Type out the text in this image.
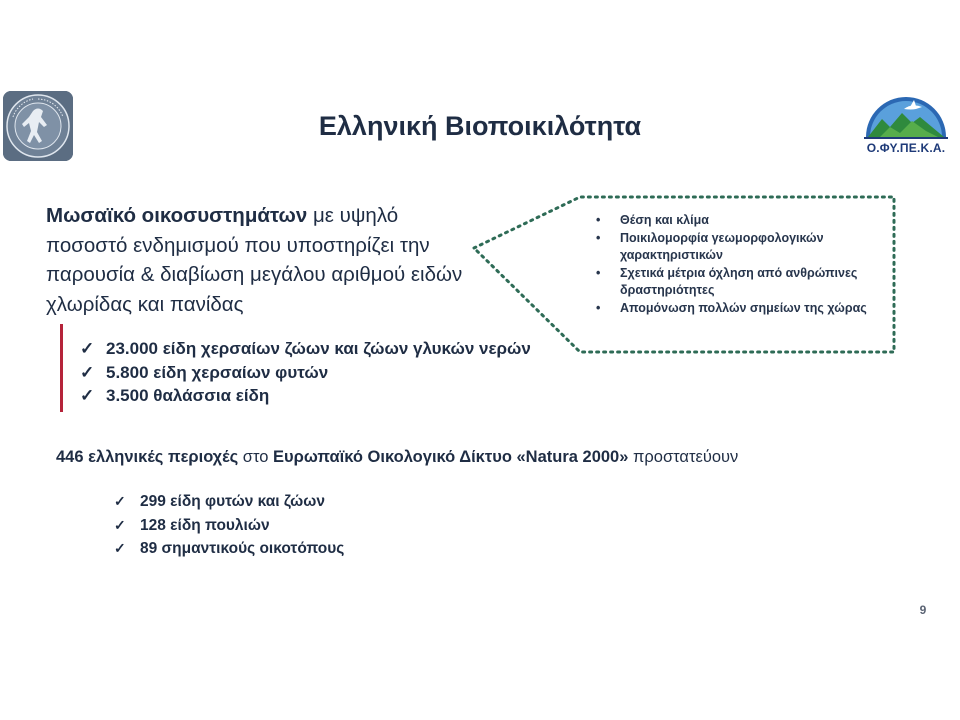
Ο.ΦΥ.ΠΕ.Κ.Α.
Ελληνική Βιοποικιλότητα
Μωσαϊκό οικοσυστημάτων με υψηλό ποσοστό ενδημισμού που υποστηρίζει την παρουσία & διαβίωση μεγάλου αριθμού ειδών χλωρίδας και πανίδας
•	Θέση και κλίμα
•	Ποικιλομορφία γεωμορφολογικών χαρακτηριστικών
•	Σχετικά μέτρια όχληση από ανθρώπινες δραστηριότητες
•	Απομόνωση πολλών σημείων της χώρας
✓ 23.000 είδη χερσαίων ζώων και ζώων γλυκών νερών
✓ 5.800 είδη χερσαίων φυτών
✓ 3.500 θαλάσσια είδη
446 ελληνικές περιοχές στο Ευρωπαϊκό Οικολογικό Δίκτυο «Natura 2000» προστατεύουν
✓ 299 είδη φυτών και ζώων
✓ 128 είδη πουλιών
✓ 89 σημαντικούς οικοτόπους
9
